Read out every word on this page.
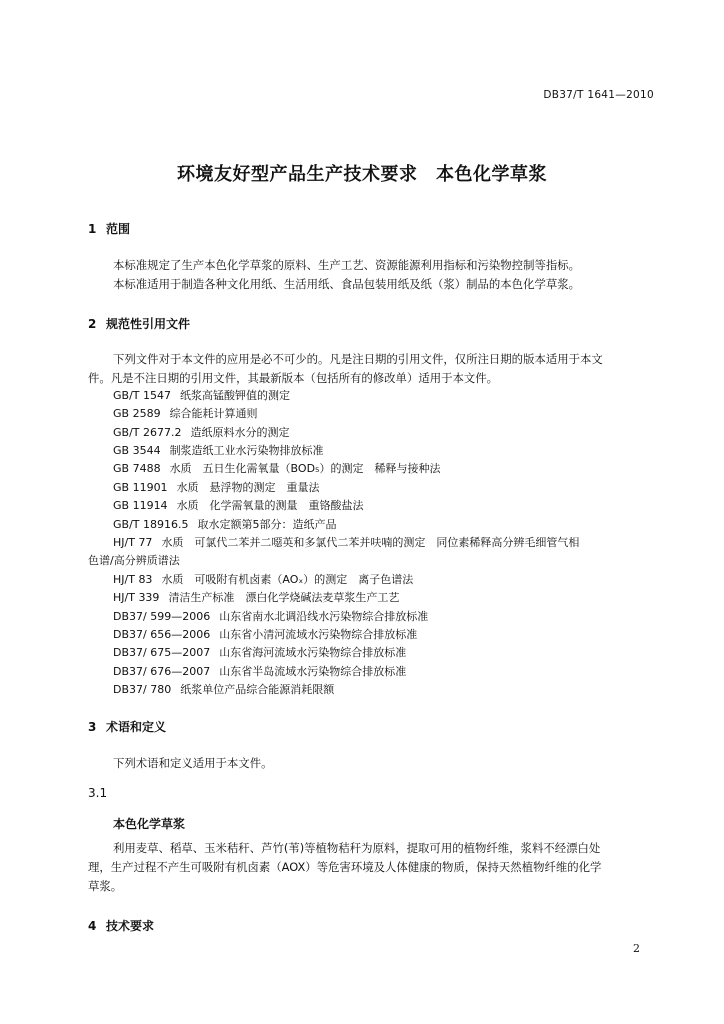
DB37/T 1641—2010
环境友好型产品生产技术要求　本色化学草浆
1 范围
本标准规定了生产本色化学草浆的原料、生产工艺、资源能源利用指标和污染物控制等指标。
本标准适用于制造各种文化用纸、生活用纸、食品包装用纸及纸（浆）制品的本色化学草浆。
2 规范性引用文件
下列文件对于本文件的应用是必不可少的。凡是注日期的引用文件，仅所注日期的版本适用于本文
件。凡是不注日期的引用文件，其最新版本（包括所有的修改单）适用于本文件。
GB/T 1547 纸浆高锰酸钾值的测定
GB 2589 综合能耗计算通则
GB/T 2677.2 造纸原料水分的测定
GB 3544 制浆造纸工业水污染物排放标准
GB 7488 水质　五日生化需氧量（BOD₅）的测定　稀释与接种法
GB 11901 水质　悬浮物的测定　重量法
GB 11914 水质　化学需氧量的测量　重铬酸盐法
GB/T 18916.5 取水定额第5部分：造纸产品
HJ/T 77 水质　可氯代二苯并二噁英和多氯代二苯并呋喃的测定　同位素稀释高分辨毛细管气相
色谱/高分辨质谱法
HJ/T 83 水质　可吸附有机卤素（AOₓ）的测定　离子色谱法
HJ/T 339 清洁生产标准　漂白化学烧碱法麦草浆生产工艺
DB37/ 599—2006 山东省南水北调沿线水污染物综合排放标准
DB37/ 656—2006 山东省小清河流域水污染物综合排放标准
DB37/ 675—2007 山东省海河流域水污染物综合排放标准
DB37/ 676—2007 山东省半岛流域水污染物综合排放标准
DB37/ 780 纸浆单位产品综合能源消耗限额
3 术语和定义
下列术语和定义适用于本文件。
3.1
本色化学草浆
利用麦草、稻草、玉米秸秆、芦竹(苇)等植物秸秆为原料，提取可用的植物纤维，浆料不经漂白处
理，生产过程不产生可吸附有机卤素（AOX）等危害环境及人体健康的物质，保持天然植物纤维的化学
草浆。
4 技术要求
2
